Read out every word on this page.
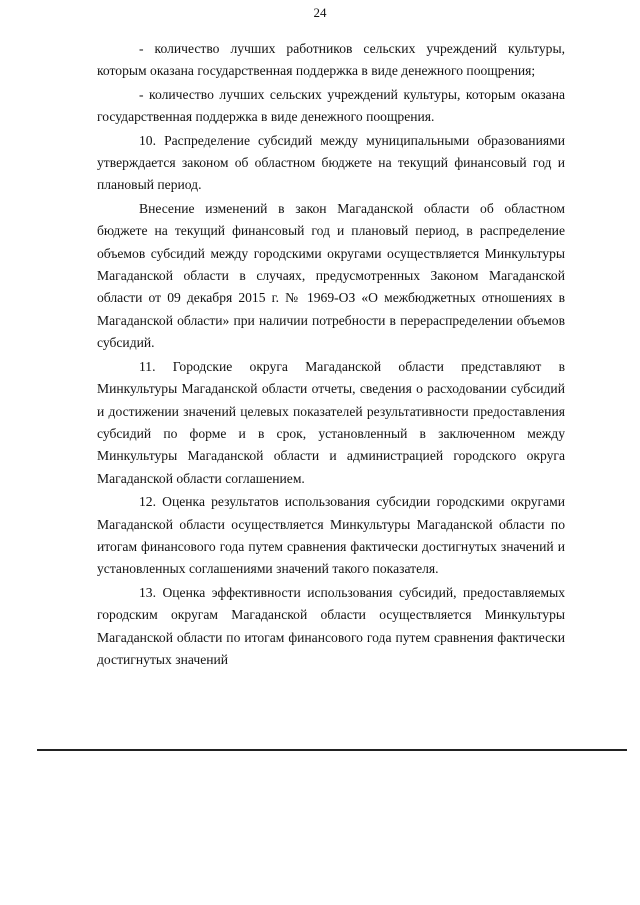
24

- количество лучших работников сельских учреждений культуры, которым оказана государственная поддержка в виде денежного поощрения;

- количество лучших сельских учреждений культуры, которым оказана государственная поддержка в виде денежного поощрения.

10. Распределение субсидий между муниципальными образованиями утверждается законом об областном бюджете на текущий финансовый год и плановый период.

Внесение изменений в закон Магаданской области об областном бюджете на текущий финансовый год и плановый период, в распределение объемов субсидий между городскими округами осуществляется Минкультуры Магаданской области в случаях, предусмотренных Законом Магаданской области от 09 декабря 2015 г. № 1969-ОЗ «О межбюджетных отношениях в Магаданской области» при наличии потребности в перераспределении объемов субсидий.

11. Городские округа Магаданской области представляют в Минкультуры Магаданской области отчеты, сведения о расходовании субсидий и достижении значений целевых показателей результативности предоставления субсидий по форме и в срок, установленный в заключенном между Минкультуры Магаданской области и администрацией городского округа Магаданской области соглашением.

12. Оценка результатов использования субсидии городскими округами Магаданской области осуществляется Минкультуры Магаданской области по итогам финансового года путем сравнения фактически достигнутых значений и установленных соглашениями значений такого показателя.

13. Оценка эффективности использования субсидий, предоставляемых городским округам Магаданской области осуществляется Минкультуры Магаданской области по итогам финансового года путем сравнения фактически достигнутых значений
